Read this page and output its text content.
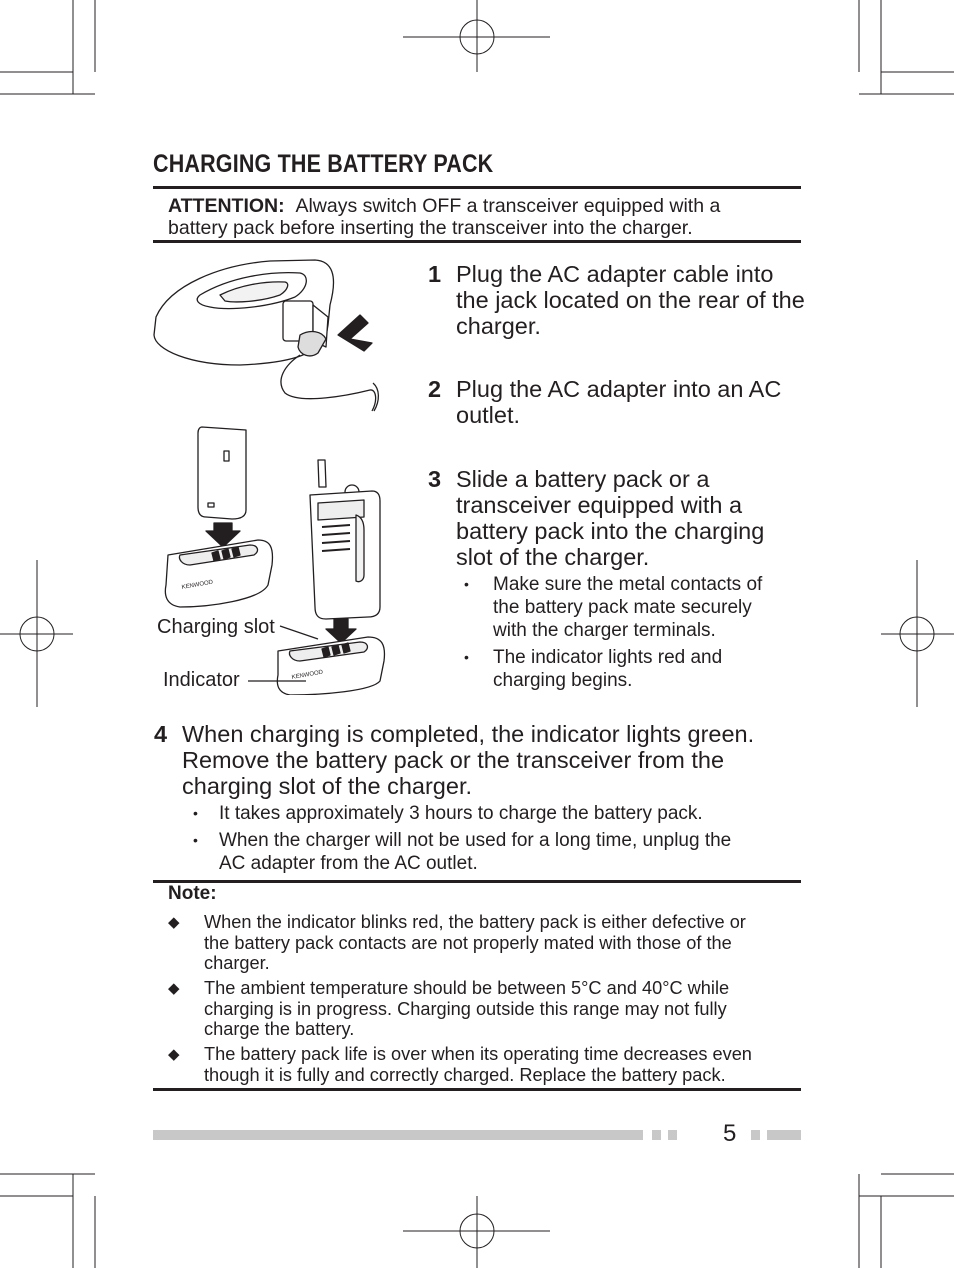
CHARGING THE BATTERY PACK
ATTENTION: Always switch OFF a transceiver equipped with a
battery pack before inserting the transceiver into the charger.
KENWOOD
KENWOOD
Charging slot
Indicator
1 Plug the AC adapter cable into
the jack located on the rear of the
charger.
2 Plug the AC adapter into an AC
outlet.
3 Slide a battery pack or a
transceiver equipped with a
battery pack into the charging
slot of the charger.
• Make sure the metal contacts of
the battery pack mate securely
with the charger terminals.
• The indicator lights red and
charging begins.
4 When charging is completed, the indicator lights green.
Remove the battery pack or the transceiver from the
charging slot of the charger.
• It takes approximately 3 hours to charge the battery pack.
• When the charger will not be used for a long time, unplug the
AC adapter from the AC outlet.
Note:
◆ When the indicator blinks red, the battery pack is either defective or
the battery pack contacts are not properly mated with those of the
charger.
◆ The ambient temperature should be between 5°C and 40°C while
charging is in progress. Charging outside this range may not fully
charge the battery.
◆ The battery pack life is over when its operating time decreases even
though it is fully and correctly charged. Replace the battery pack.
5
